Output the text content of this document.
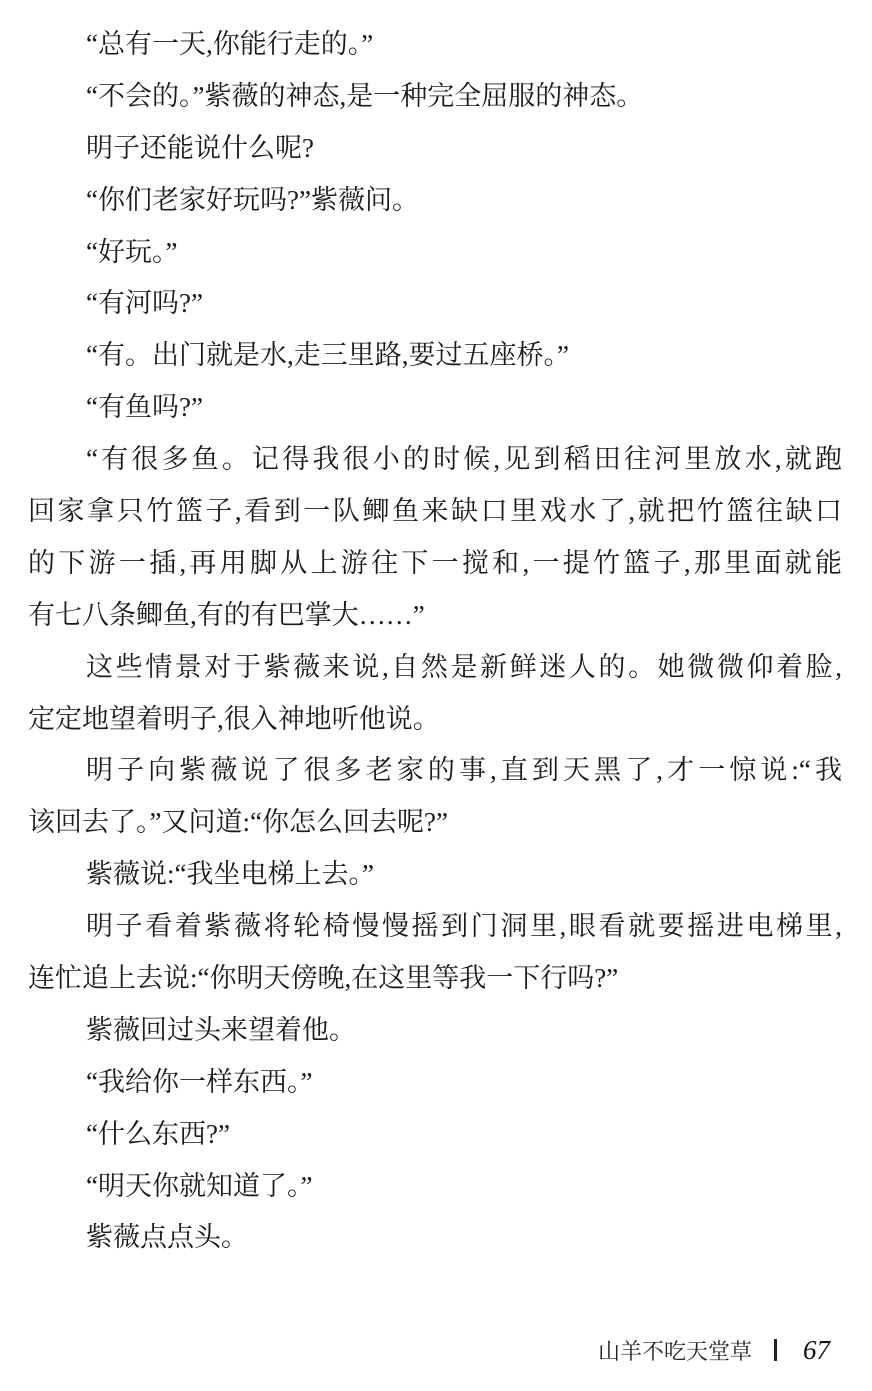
“总有一天,你能行走的。”
“不会的。”紫薇的神态,是一种完全屈服的神态。
明子还能说什么呢?
“你们老家好玩吗?”紫薇问。
“好玩。”
“有河吗?”
“有。出门就是水,走三里路,要过五座桥。”
“有鱼吗?”
“有很多鱼。记得我很小的时候,见到稻田往河里放水,就跑
回家拿只竹篮子,看到一队鲫鱼来缺口里戏水了,就把竹篮往缺口
的下游一插,再用脚从上游往下一搅和,一提竹篮子,那里面就能
有七八条鲫鱼,有的有巴掌大……”
这些情景对于紫薇来说,自然是新鲜迷人的。她微微仰着脸,
定定地望着明子,很入神地听他说。
明子向紫薇说了很多老家的事,直到天黑了,才一惊说:“我
该回去了。”又问道:“你怎么回去呢?”
紫薇说:“我坐电梯上去。”
明子看着紫薇将轮椅慢慢摇到门洞里,眼看就要摇进电梯里,
连忙追上去说:“你明天傍晚,在这里等我一下行吗?”
紫薇回过头来望着他。
“我给你一样东西。”
“什么东西?”
“明天你就知道了。”
紫薇点点头。
山羊不吃天堂草 67
